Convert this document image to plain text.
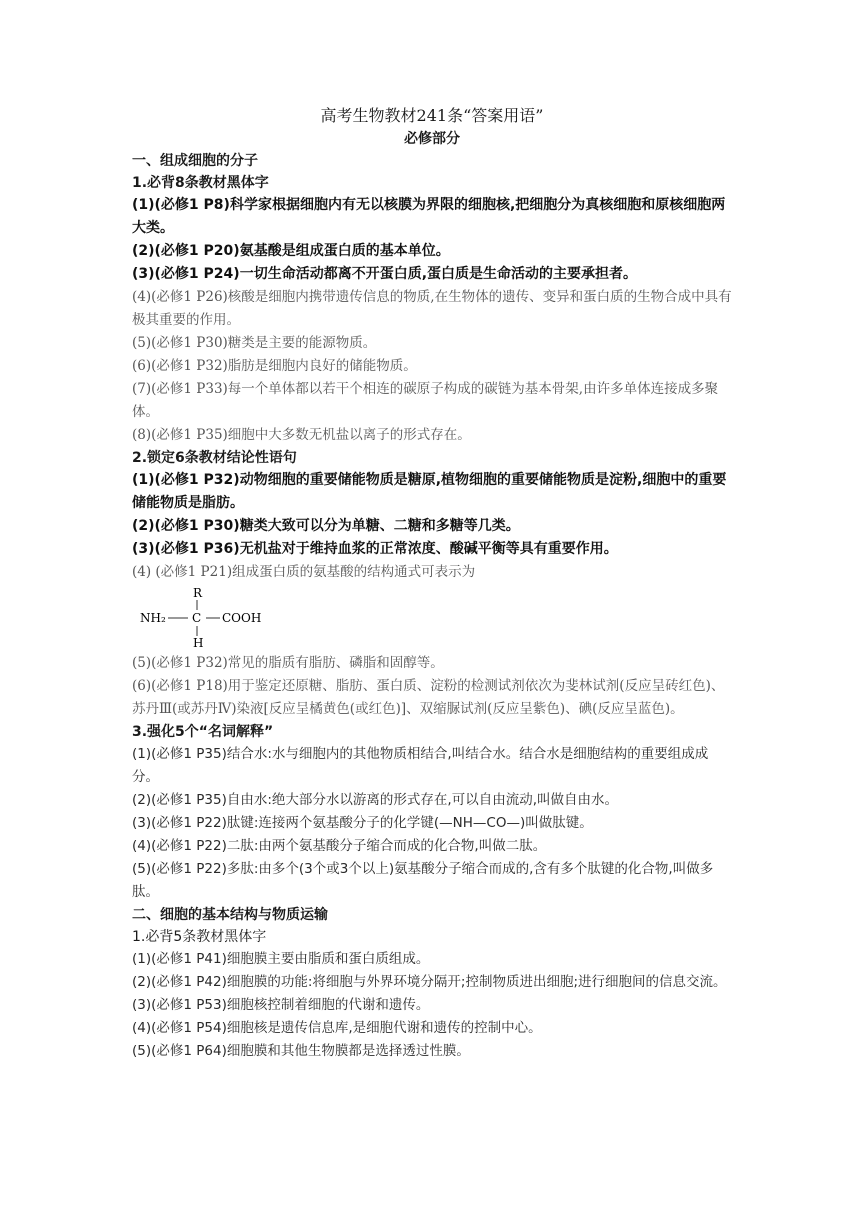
高考生物教材241条“答案用语”

必修部分

一、组成细胞的分子

1.必背8条教材黑体字

(1)(必修1 P8)科学家根据细胞内有无以核膜为界限的细胞核,把细胞分为真核细胞和原核细胞两大类。

(2)(必修1 P20)氨基酸是组成蛋白质的基本单位。

(3)(必修1 P24)一切生命活动都离不开蛋白质,蛋白质是生命活动的主要承担者。

(4)(必修1 P26)核酸是细胞内携带遗传信息的物质,在生物体的遗传、变异和蛋白质的生物合成中具有极其重要的作用。

(5)(必修1 P30)糖类是主要的能源物质。

(6)(必修1 P32)脂肪是细胞内良好的储能物质。

(7)(必修1 P33)每一个单体都以若干个相连的碳原子构成的碳链为基本骨架,由许多单体连接成多聚体。

(8)(必修1 P35)细胞中大多数无机盐以离子的形式存在。

2.锁定6条教材结论性语句

(1)(必修1 P32)动物细胞的重要储能物质是糖原,植物细胞的重要储能物质是淀粉,细胞中的重要储能物质是脂肪。

(2)(必修1 P30)糖类大致可以分为单糖、二糖和多糖等几类。

(3)(必修1 P36)无机盐对于维持血浆的正常浓度、酸碱平衡等具有重要作用。

(4) (必修1 P21)组成蛋白质的氨基酸的结构通式可表示为

R
NH₂ C COOH
H

(5)(必修1 P32)常见的脂质有脂肪、磷脂和固醇等。

(6)(必修1 P18)用于鉴定还原糖、脂肪、蛋白质、淀粉的检测试剂依次为斐林试剂(反应呈砖红色)、苏丹Ⅲ(或苏丹Ⅳ)染液[反应呈橘黄色(或红色)]、双缩脲试剂(反应呈紫色)、碘(反应呈蓝色)。

3.强化5个“名词解释”

(1)(必修1 P35)结合水:水与细胞内的其他物质相结合,叫结合水。结合水是细胞结构的重要组成成分。

(2)(必修1 P35)自由水:绝大部分水以游离的形式存在,可以自由流动,叫做自由水。

(3)(必修1 P22)肽键:连接两个氨基酸分子的化学键(—NH—CO—)叫做肽键。

(4)(必修1 P22)二肽:由两个氨基酸分子缩合而成的化合物,叫做二肽。

(5)(必修1 P22)多肽:由多个(3个或3个以上)氨基酸分子缩合而成的,含有多个肽键的化合物,叫做多肽。

二、细胞的基本结构与物质运输

1.必背5条教材黑体字

(1)(必修1 P41)细胞膜主要由脂质和蛋白质组成。

(2)(必修1 P42)细胞膜的功能:将细胞与外界环境分隔开;控制物质进出细胞;进行细胞间的信息交流。

(3)(必修1 P53)细胞核控制着细胞的代谢和遗传。

(4)(必修1 P54)细胞核是遗传信息库,是细胞代谢和遗传的控制中心。

(5)(必修1 P64)细胞膜和其他生物膜都是选择透过性膜。
